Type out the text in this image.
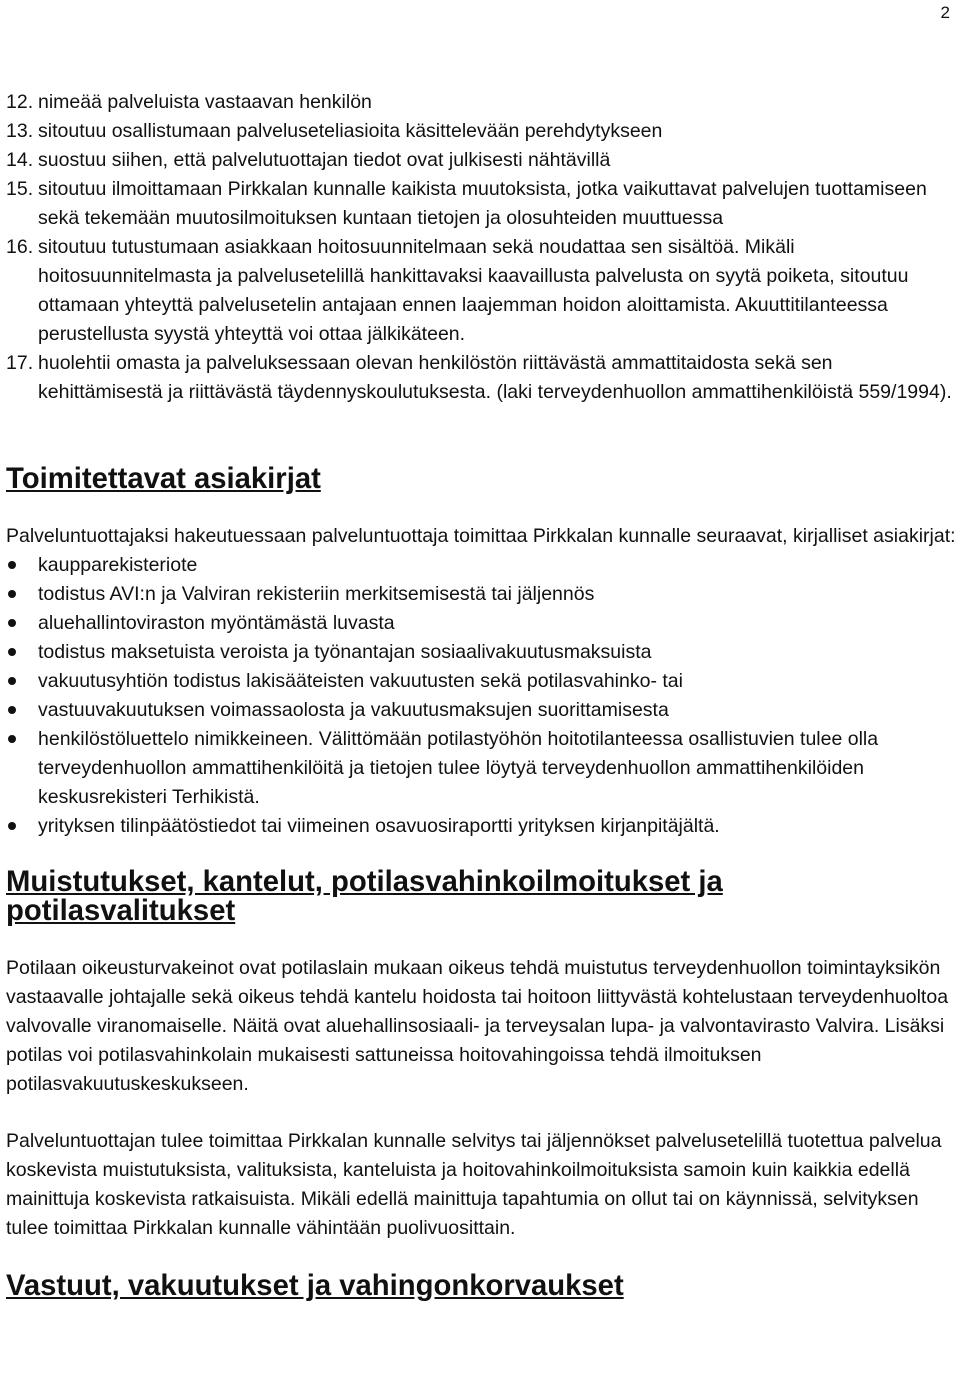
2
12. nimeää palveluista vastaavan henkilön
13. sitoutuu osallistumaan palveluseteliasioita käsittelevään perehdytykseen
14. suostuu siihen, että palvelutuottajan tiedot ovat julkisesti nähtävillä
15. sitoutuu ilmoittamaan Pirkkalan kunnalle kaikista muutoksista, jotka vaikuttavat palvelujen tuottamiseen sekä tekemään muutosilmoituksen kuntaan tietojen ja olosuhteiden muuttuessa
16. sitoutuu tutustumaan asiakkaan hoitosuunnitelmaan sekä noudattaa sen sisältöä. Mikäli hoitosuunnitelmasta ja palvelusetelillä hankittavaksi kaavaillusta palvelusta on syytä poiketa, sitoutuu ottamaan yhteyttä palvelusetelin antajaan ennen laajemman hoidon aloittamista. Akuuttitilanteessa perustellusta syystä yhteyttä voi ottaa jälkikäteen.
17. huolehtii omasta ja palveluksessaan olevan henkilöstön riittävästä ammattitaidosta sekä sen kehittämisestä ja riittävästä täydennyskoulutuksesta. (laki terveydenhuollon ammattihenkilöistä 559/1994).
Toimitettavat asiakirjat

Palveluntuottajaksi hakeutuessaan palveluntuottaja toimittaa Pirkkalan kunnalle seuraavat, kirjalliset asiakirjat:

kaupparekisteriote
todistus AVI:n ja Valviran rekisteriin merkitsemisestä tai jäljennös
aluehallintoviraston myöntämästä luvasta
todistus maksetuista veroista ja työnantajan sosiaalivakuutusmaksuista
vakuutusyhtiön todistus lakisääteisten vakuutusten sekä potilasvahinko- tai
vastuuvakuutuksen voimassaolosta ja vakuutusmaksujen suorittamisesta
henkilöstöluettelo nimikkeineen. Välittömään potilastyöhön hoitotilanteessa osallistuvien tulee olla terveydenhuollon ammattihenkilöitä ja tietojen tulee löytyä terveydenhuollon ammattihenkilöiden keskusrekisteri Terhikistä.
yrityksen tilinpäätöstiedot tai viimeinen osavuosiraportti yrityksen kirjanpitäjältä.
Muistutukset, kantelut, potilasvahinkoilmoitukset ja potilasvalitukset

Potilaan oikeusturvakeinot ovat potilaslain mukaan oikeus tehdä muistutus terveydenhuollon toimintayksikön vastaavalle johtajalle sekä oikeus tehdä kantelu hoidosta tai hoitoon liittyvästä kohtelustaan terveydenhuoltoa valvovalle viranomaiselle. Näitä ovat aluehallinsosiaali- ja terveysalan lupa- ja valvontavirasto Valvira. Lisäksi potilas voi potilasvahinkolain mukaisesti sattuneissa hoitovahingoissa tehdä ilmoituksen potilasvakuutuskeskukseen.

Palveluntuottajan tulee toimittaa Pirkkalan kunnalle selvitys tai jäljennökset palvelusetelillä tuotettua palvelua koskevista muistutuksista, valituksista, kanteluista ja hoitovahinkoilmoituksista samoin kuin kaikkia edellä mainittuja koskevista ratkaisuista. Mikäli edellä mainittuja tapahtumia on ollut tai on käynnissä, selvityksen tulee toimittaa Pirkkalan kunnalle vähintään puolivuosittain.

Vastuut, vakuutukset ja vahingonkorvaukset
